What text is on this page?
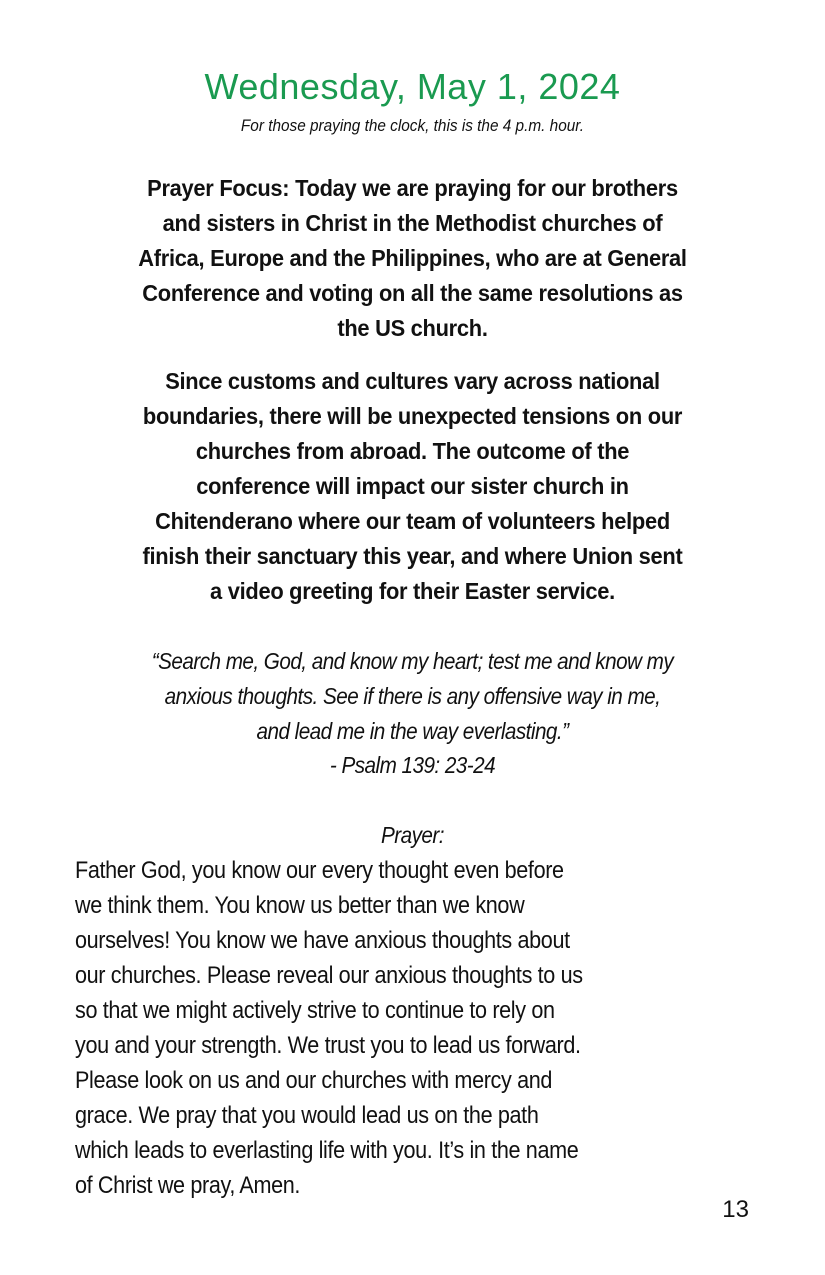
Wednesday, May 1, 2024
For those praying the clock, this is the 4 p.m. hour.
Prayer Focus: Today we are praying for our brothers
and sisters in Christ in the Methodist churches of
Africa, Europe and the Philippines, who are at General
Conference and voting on all the same resolutions as
the US church.
Since customs and cultures vary across national
boundaries, there will be unexpected tensions on our
churches from abroad. The outcome of the
conference will impact our sister church in
Chitenderano where our team of volunteers helped
finish their sanctuary this year, and where Union sent
a video greeting for their Easter service.
“Search me, God, and know my heart; test me and know my
anxious thoughts. See if there is any offensive way in me,
and lead me in the way everlasting.”
- Psalm 139: 23-24
Prayer:
Father God, you know our every thought even before
we think them. You know us better than we know
ourselves! You know we have anxious thoughts about
our churches. Please reveal our anxious thoughts to us
so that we might actively strive to continue to rely on
you and your strength. We trust you to lead us forward.
Please look on us and our churches with mercy and
grace. We pray that you would lead us on the path
which leads to everlasting life with you. It’s in the name
of Christ we pray, Amen.
13
